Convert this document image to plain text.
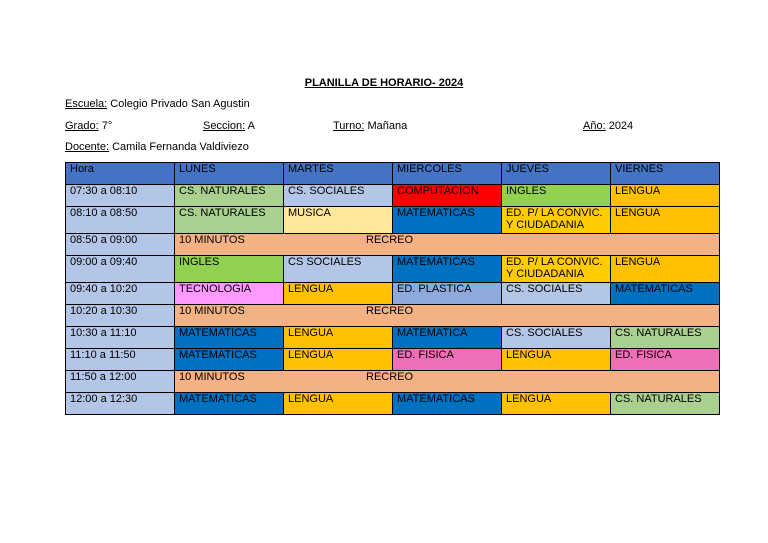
PLANILLA DE HORARIO- 2024
Escuela: Colegio Privado San Agustin
Grado: 7°	Seccion: A	Turno: Mañana	Año: 2024
Docente: Camila Fernanda Valdiviezo
Hora	LUNES	MARTES	MIERCOLES	JUEVES	VIERNES
07:30 a 08:10	CS. NATURALES	CS. SOCIALES	COMPUTACION	INGLES	LENGUA
08:10 a 08:50	CS. NATURALES	MUSICA	MATEMATICAS	ED. P/ LA CONVIC. Y CIUDADANIA	LENGUA
08:50 a 09:00	10 MINUTOS RECREO				

09:00 a 09:40	INGLES	CS SOCIALES	MATEMATICAS	ED. P/ LA CONVIC. Y CIUDADANIA	LENGUA
09:40 a 10:20	TECNOLOGÍA	LENGUA	ED. PLASTICA	CS. SOCIALES	MATEMATICAS
10:20 a 10:30	10 MINUTOS RECREO				

10:30 a 11:10	MATEMATICAS	LENGUA	MATEMATICA	CS. SOCIALES	CS. NATURALES
11:10 a 11:50	MATEMATICAS	LENGUA	ED. FISICA	LENGUA	ED. FISICA
11:50 a 12:00	10 MINUTOS RECREO				

12:00 a 12:30	MATEMATICAS	LENGUA	MATEMATICAS	LENGUA	CS. NATURALES
